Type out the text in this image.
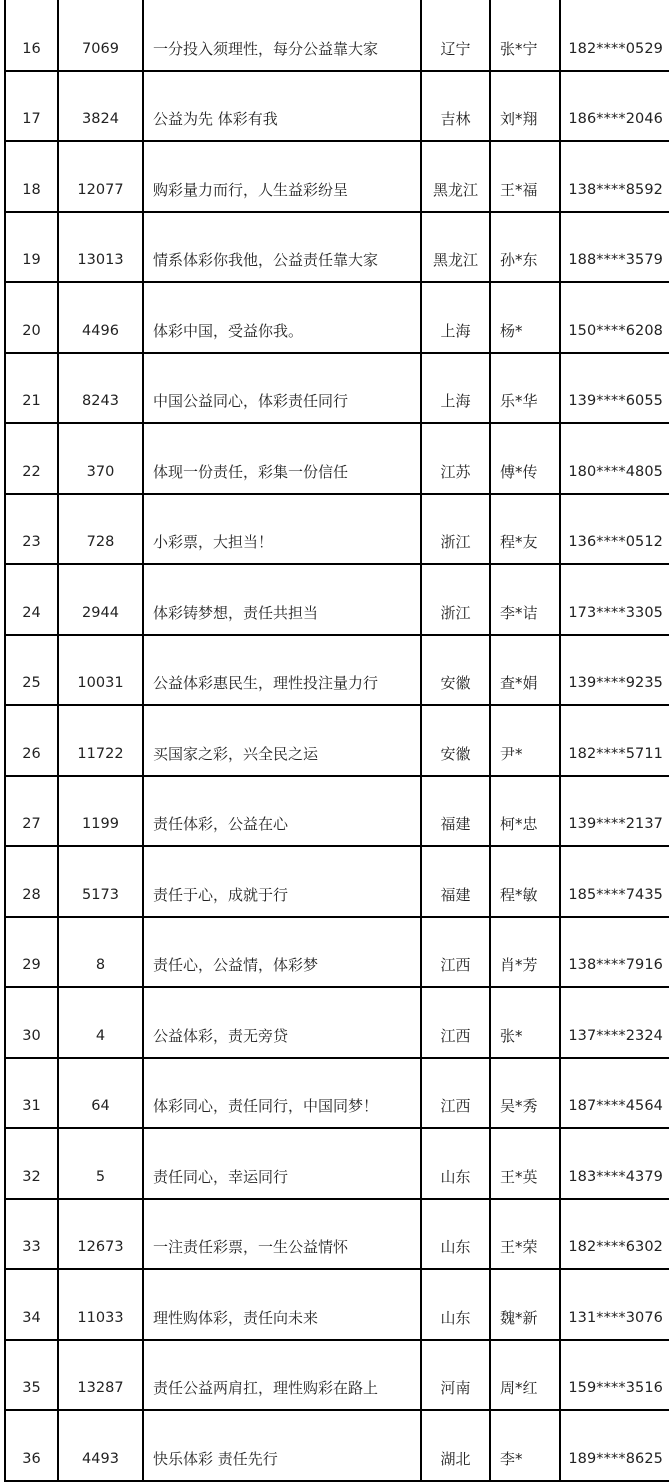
16	7069	一分投入须理性，每分公益靠大家	辽宁	张*宁	182****0529
17	3824	公益为先 体彩有我	吉林	刘*翔	186****2046
18	12077	购彩量力而行，人生益彩纷呈	黑龙江	王*福	138****8592
19	13013	情系体彩你我他，公益责任靠大家	黑龙江	孙*东	188****3579
20	4496	体彩中国，受益你我。	上海	杨*	150****6208
21	8243	中国公益同心，体彩责任同行	上海	乐*华	139****6055
22	370	体现一份责任，彩集一份信任	江苏	傅*传	180****4805
23	728	小彩票，大担当！	浙江	程*友	136****0512
24	2944	体彩铸梦想，责任共担当	浙江	李*诘	173****3305
25	10031	公益体彩惠民生，理性投注量力行	安徽	查*娟	139****9235
26	11722	买国家之彩，兴全民之运	安徽	尹*	182****5711
27	1199	责任体彩，公益在心	福建	柯*忠	139****2137
28	5173	责任于心，成就于行	福建	程*敏	185****7435
29	8	责任心，公益情，体彩梦	江西	肖*芳	138****7916
30	4	公益体彩，责无旁贷	江西	张*	137****2324
31	64	体彩同心，责任同行，中国同梦！	江西	吴*秀	187****4564
32	5	责任同心，幸运同行	山东	王*英	183****4379
33	12673	一注责任彩票，一生公益情怀	山东	王*荣	182****6302
34	11033	理性购体彩，责任向未来	山东	魏*新	131****3076
35	13287	责任公益两肩扛，理性购彩在路上	河南	周*红	159****3516
36	4493	快乐体彩 责任先行	湖北	李*	189****8625
